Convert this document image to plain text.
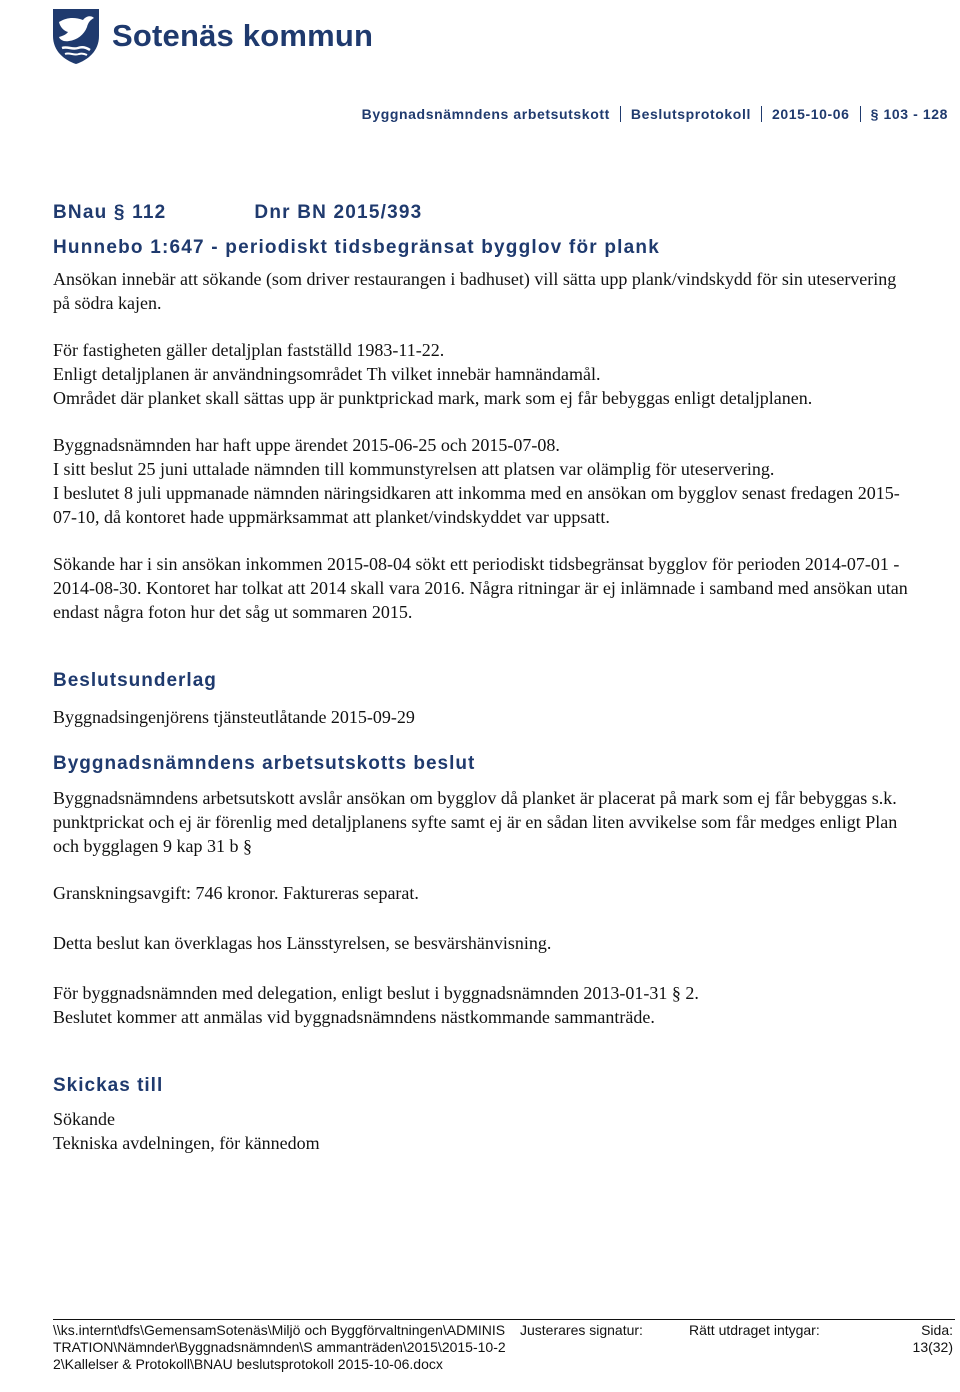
Sotenäs kommun
Byggnadsnämndens arbetsutskott Beslutsprotokoll 2015-10-06 § 103 - 128
BNau § 112	Dnr BN 2015/393
Hunnebo 1:647 - periodiskt tidsbegränsat bygglov för plank

Ansökan innebär att sökande (som driver restaurangen i badhuset) vill sätta upp plank/vindskydd för sin uteservering på södra kajen.

För fastigheten gäller detaljplan fastställd 1983-11-22.

Enligt detaljplanen är användningsområdet Th vilket innebär hamnändamål.

Området där planket skall sättas upp är punktprickad mark, mark som ej får bebyggas enligt detaljplanen.

Byggnadsnämnden har haft uppe ärendet 2015-06-25 och 2015-07-08.

I sitt beslut 25 juni uttalade nämnden till kommunstyrelsen att platsen var olämplig för uteservering.

I beslutet 8 juli uppmanade nämnden näringsidkaren att inkomma med en ansökan om bygglov senast fredagen 2015-07-10, då kontoret hade uppmärksammat att planket/vindskyddet var uppsatt.

Sökande har i sin ansökan inkommen 2015-08-04 sökt ett periodiskt tidsbegränsat bygglov för perioden 2014-07-01 - 2014-08-30. Kontoret har tolkat att 2014 skall vara 2016. Några ritningar är ej inlämnade i samband med ansökan utan endast några foton hur det såg ut sommaren 2015.

Beslutsunderlag

Byggnadsingenjörens tjänsteutlåtande 2015-09-29

Byggnadsnämndens arbetsutskotts beslut

Byggnadsnämndens arbetsutskott avslår ansökan om bygglov då planket är placerat på mark som ej får bebyggas s.k. punktprickat och ej är förenlig med detaljplanens syfte samt ej är en sådan liten avvikelse som får medges enligt Plan och bygglagen 9 kap 31 b §

Granskningsavgift: 746 kronor. Faktureras separat.

Detta beslut kan överklagas hos Länsstyrelsen, se besvärshänvisning.

För byggnadsnämnden med delegation, enligt beslut i byggnadsnämnden 2013-01-31 § 2.

Beslutet kommer att anmälas vid byggnadsnämndens nästkommande sammanträde.

Skickas till

Sökande

Tekniska avdelningen, för kännedom

\\ks.internt\dfs\GemensamSotenäs\Miljö och Byggförvaltningen\ADMINISTRATION\Nämnder\Byggnadsnämnden\S ammanträden\2015\2015-10-22\Kallelser & Protokoll\BNAU beslutsprotokoll 2015-10-06.docx
Justerares signatur:	Rätt utdraget intygar:	Sida:
13(32)
